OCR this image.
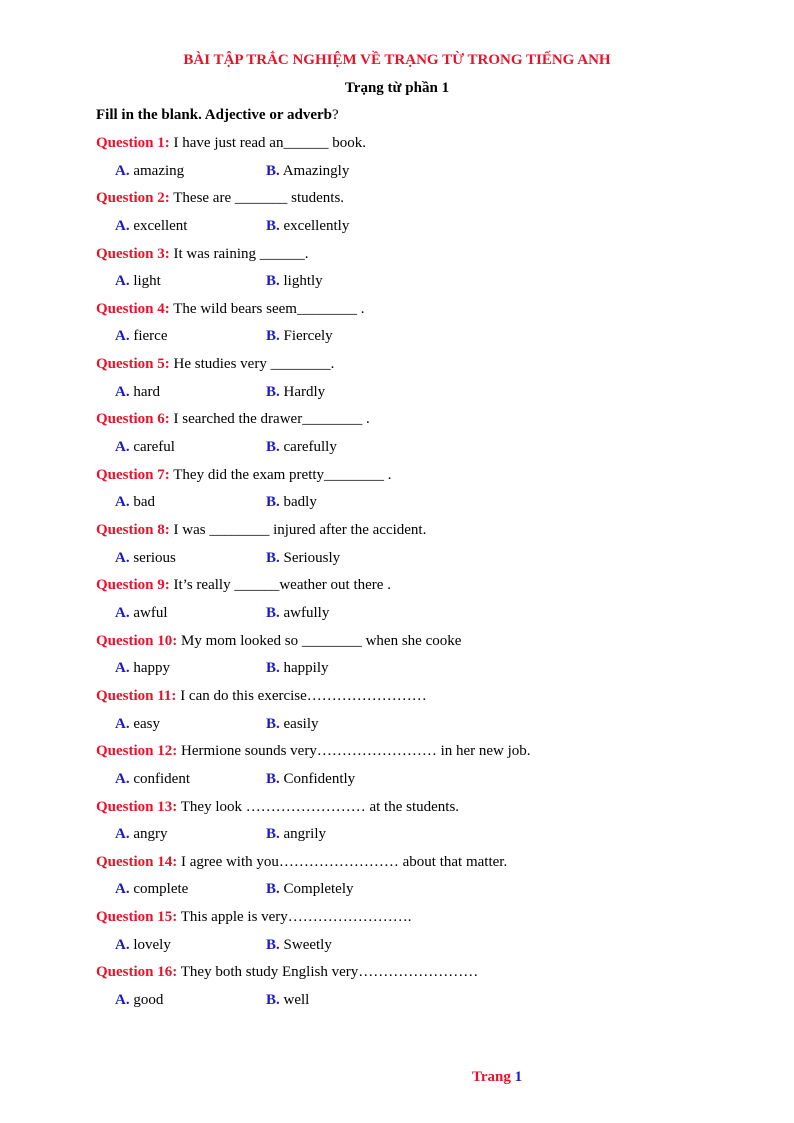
BÀI TẬP TRẮC NGHIỆM VỀ TRẠNG TỪ TRONG TIẾNG ANH
Trạng từ phần 1
Fill in the blank. Adjective or adverb?
Question 1: I have just read an______ book.
A. amazing	B. Amazingly
Question 2: These are _______ students.
A. excellent	B. excellently
Question 3: It was raining ______.
A. light	B. lightly
Question 4: The wild bears seem________ .
A. fierce	B. Fiercely
Question 5: He studies very ________.
A. hard	B. Hardly
Question 6: I searched the drawer________ .
A. careful	B. carefully
Question 7: They did the exam pretty________ .
A. bad	B. badly
Question 8: I was ________ injured after the accident.
A. serious	B. Seriously
Question 9: It’s really ______weather out there .
A. awful	B. awfully
Question 10: My mom looked so ________ when she cooke
A. happy	B. happily
Question 11: I can do this exercise……………………
A. easy	B. easily
Question 12: Hermione sounds very…………………… in her new job.
A. confident	B. Confidently
Question 13: They look …………………… at the students.
A. angry	B. angrily
Question 14: I agree with you…………………… about that matter.
A. complete	B. Completely
Question 15: This apple is very…………………….
A. lovely	B. Sweetly
Question 16: They both study English very……………………
A. good	B. well
Trang 1
